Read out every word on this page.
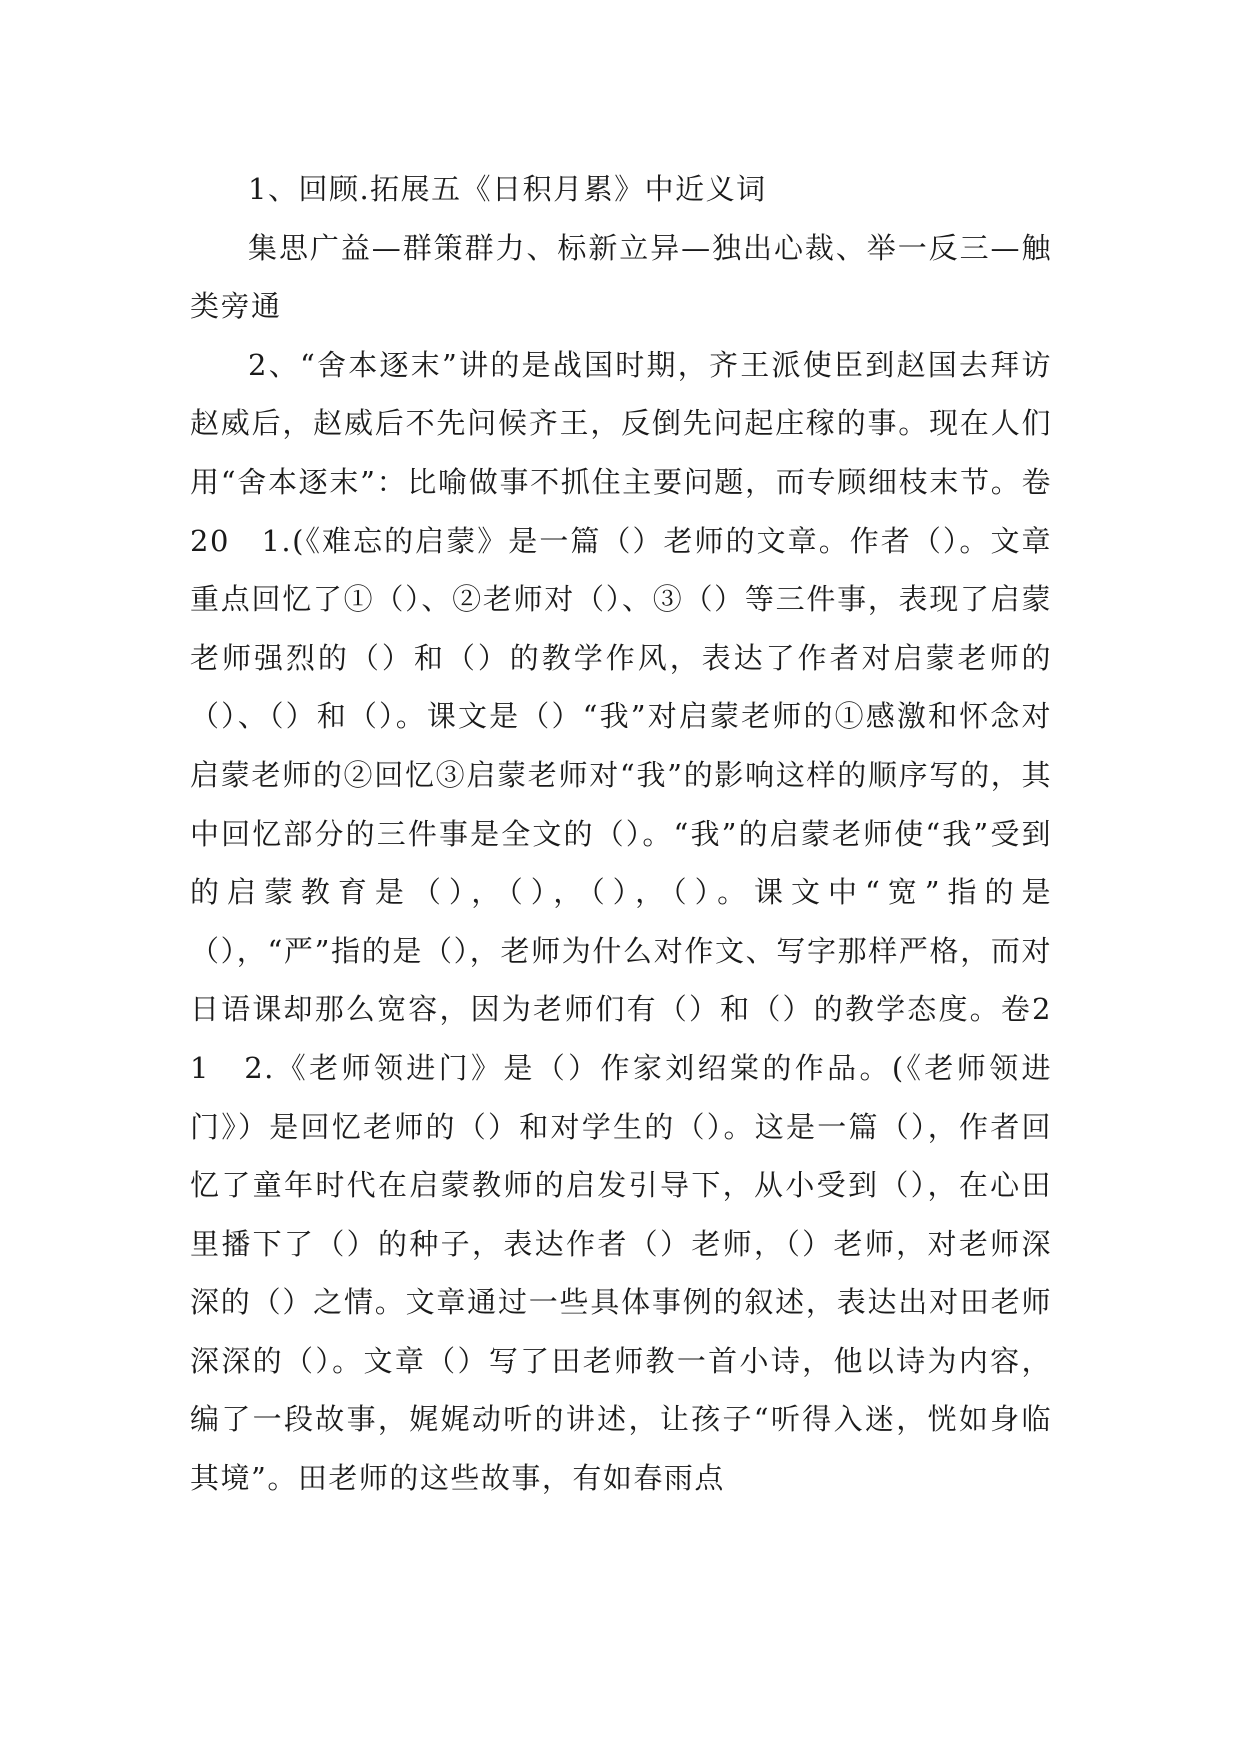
1、回顾.拓展五《日积月累》中近义词

集思广益—群策群力、标新立异—独出心裁、举一反三—触类旁通

2、“舍本逐末”讲的是战国时期，齐王派使臣到赵国去拜访赵威后，赵威后不先问候齐王，反倒先问起庄稼的事。现在人们用“舍本逐末”：比喻做事不抓住主要问题，而专顾细枝末节。卷20　1.(《难忘的启蒙》是一篇（）老师的文章。作者（）。文章重点回忆了①（）、②老师对（）、③（）等三件事，表现了启蒙老师强烈的（）和（）的教学作风，表达了作者对启蒙老师的（）、（）和（）。课文是（）“我”对启蒙老师的①感激和怀念对启蒙老师的②回忆③启蒙老师对“我”的影响这样的顺序写的，其中回忆部分的三件事是全文的（）。“我”的启蒙老师使“我”受到的启蒙教育是（），（），（），（）。课文中“宽”指的是（），“严”指的是（），老师为什么对作文、写字那样严格，而对日语课却那么宽容，因为老师们有（）和（）的教学态度。卷21　2.《老师领进门》是（）作家刘绍棠的作品。(《老师领进门》）是回忆老师的（）和对学生的（）。这是一篇（），作者回忆了童年时代在启蒙教师的启发引导下，从小受到（），在心田里播下了（）的种子，表达作者（）老师，（）老师，对老师深深的（）之情。文章通过一些具体事例的叙述，表达出对田老师深深的（）。文章（）写了田老师教一首小诗，他以诗为内容，编了一段故事，娓娓动听的讲述，让孩子“听得入迷，恍如身临其境”。田老师的这些故事，有如春雨点
